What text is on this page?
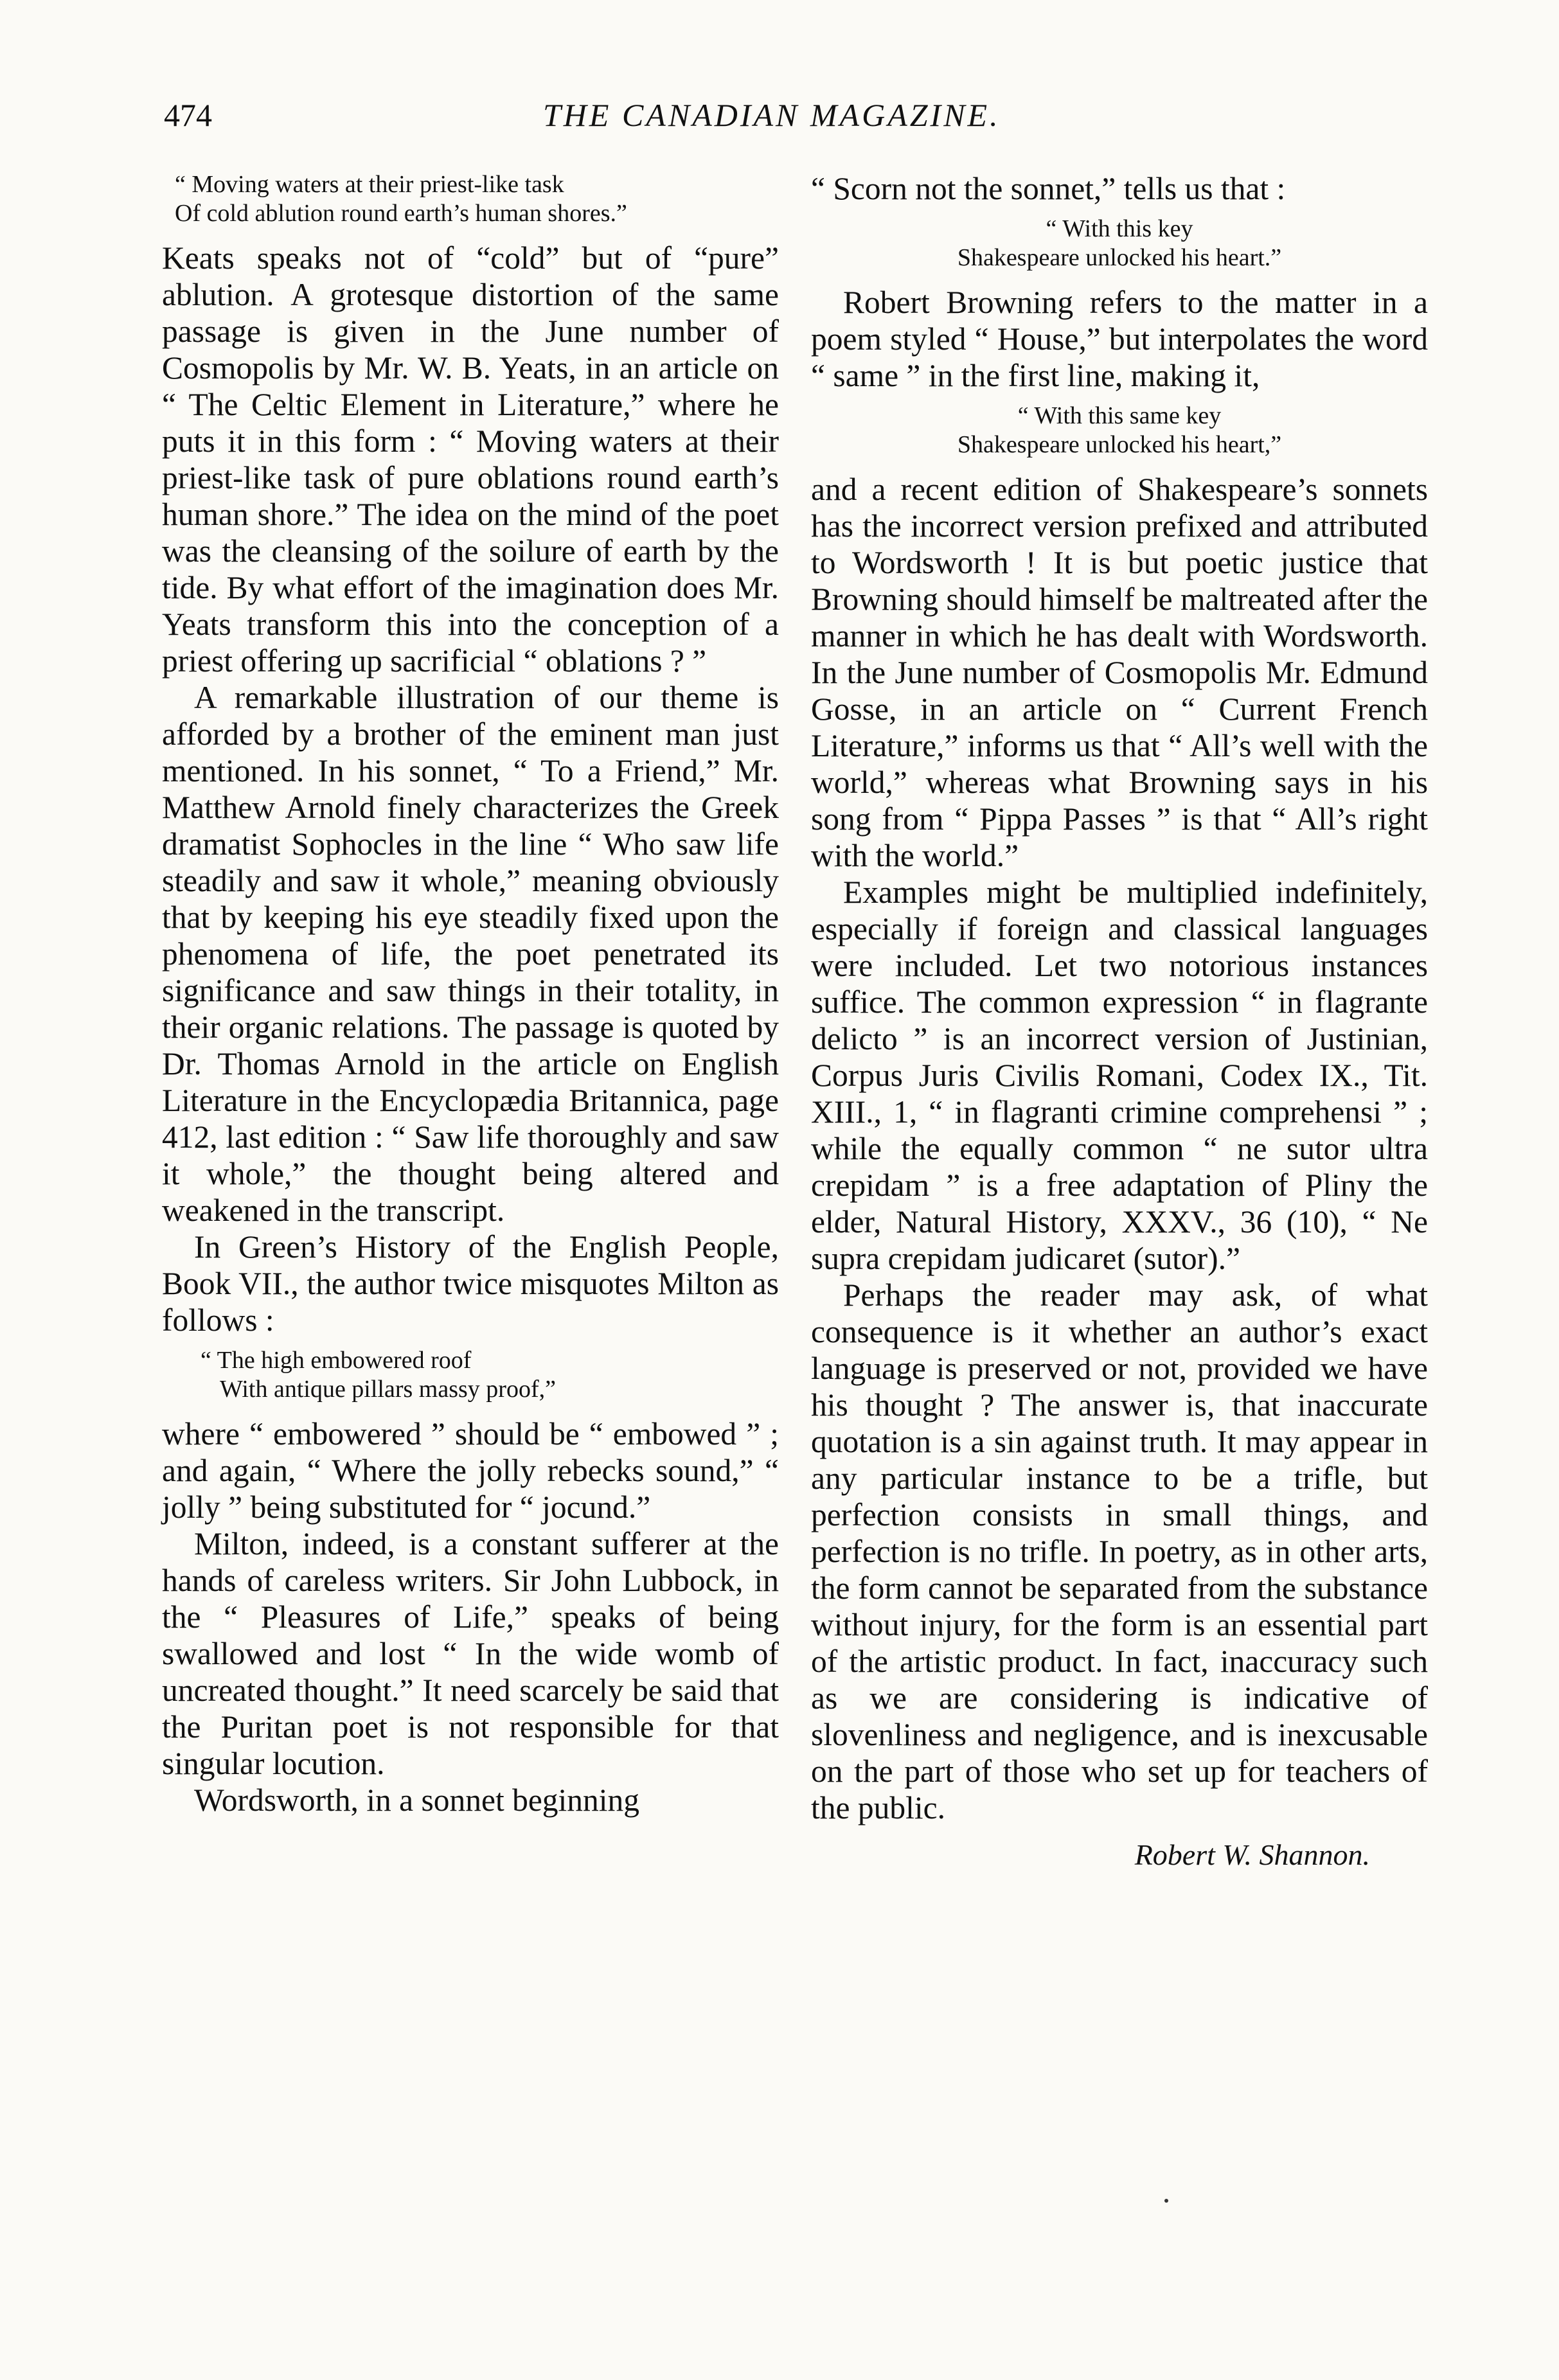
474	THE CANADIAN MAGAZINE.
“ Moving waters at their priest-like task
Of cold ablution round earth’s human shores.”

Keats speaks not of “cold” but of “pure” ablution. A grotesque distortion of the same passage is given in the June number of Cosmopolis by Mr. W. B. Yeats, in an article on “ The Celtic Element in Literature,” where he puts it in this form : “ Moving waters at their priest-like task of pure oblations round earth’s human shore.” The idea on the mind of the poet was the cleansing of the soilure of earth by the tide. By what effort of the imagination does Mr. Yeats transform this into the conception of a priest offering up sacrificial “ oblations ? ”

A remarkable illustration of our theme is afforded by a brother of the eminent man just mentioned. In his sonnet, “ To a Friend,” Mr. Matthew Arnold finely characterizes the Greek dramatist Sophocles in the line “ Who saw life steadily and saw it whole,” meaning obviously that by keeping his eye steadily fixed upon the phenomena of life, the poet penetrated its significance and saw things in their totality, in their organic relations. The passage is quoted by Dr. Thomas Arnold in the article on English Literature in the Encyclopædia Britannica, page 412, last edition : “ Saw life thoroughly and saw it whole,” the thought being altered and weakened in the transcript.

In Green’s History of the English People, Book VII., the author twice misquotes Milton as follows :

“ The high embowered roof
With antique pillars massy proof,”

where “ embowered ” should be “ embowed ” ; and again, “ Where the jolly rebecks sound,” “ jolly ” being substituted for “ jocund.”

Milton, indeed, is a constant sufferer at the hands of careless writers. Sir John Lubbock, in the “ Pleasures of Life,” speaks of being swallowed and lost “ In the wide womb of uncreated thought.” It need scarcely be said that the Puritan poet is not responsible for that singular locution.

Wordsworth, in a sonnet beginning

“ Scorn not the sonnet,” tells us that :

“ With this key
Shakespeare unlocked his heart.”

Robert Browning refers to the matter in a poem styled “ House,” but interpolates the word “ same ” in the first line, making it,

“ With this same key
Shakespeare unlocked his heart,”

and a recent edition of Shakespeare’s sonnets has the incorrect version prefixed and attributed to Wordsworth ! It is but poetic justice that Browning should himself be maltreated after the manner in which he has dealt with Wordsworth. In the June number of Cosmopolis Mr. Edmund Gosse, in an article on “ Current French Literature,” informs us that “ All’s well with the world,” whereas what Browning says in his song from “ Pippa Passes ” is that “ All’s right with the world.”

Examples might be multiplied indefinitely, especially if foreign and classical languages were included. Let two notorious instances suffice. The common expression “ in flagrante delicto ” is an incorrect version of Justinian, Corpus Juris Civilis Romani, Codex IX., Tit. XIII., 1, “ in flagranti crimine comprehensi ” ; while the equally common “ ne sutor ultra crepidam ” is a free adaptation of Pliny the elder, Natural History, XXXV., 36 (10), “ Ne supra crepidam judicaret (sutor).”

Perhaps the reader may ask, of what consequence is it whether an author’s exact language is preserved or not, provided we have his thought ? The answer is, that inaccurate quotation is a sin against truth. It may appear in any particular instance to be a trifle, but perfection consists in small things, and perfection is no trifle. In poetry, as in other arts, the form cannot be separated from the substance without injury, for the form is an essential part of the artistic product. In fact, inaccuracy such as we are considering is indicative of slovenliness and negligence, and is inexcusable on the part of those who set up for teachers of the public.

Robert W. Shannon.
